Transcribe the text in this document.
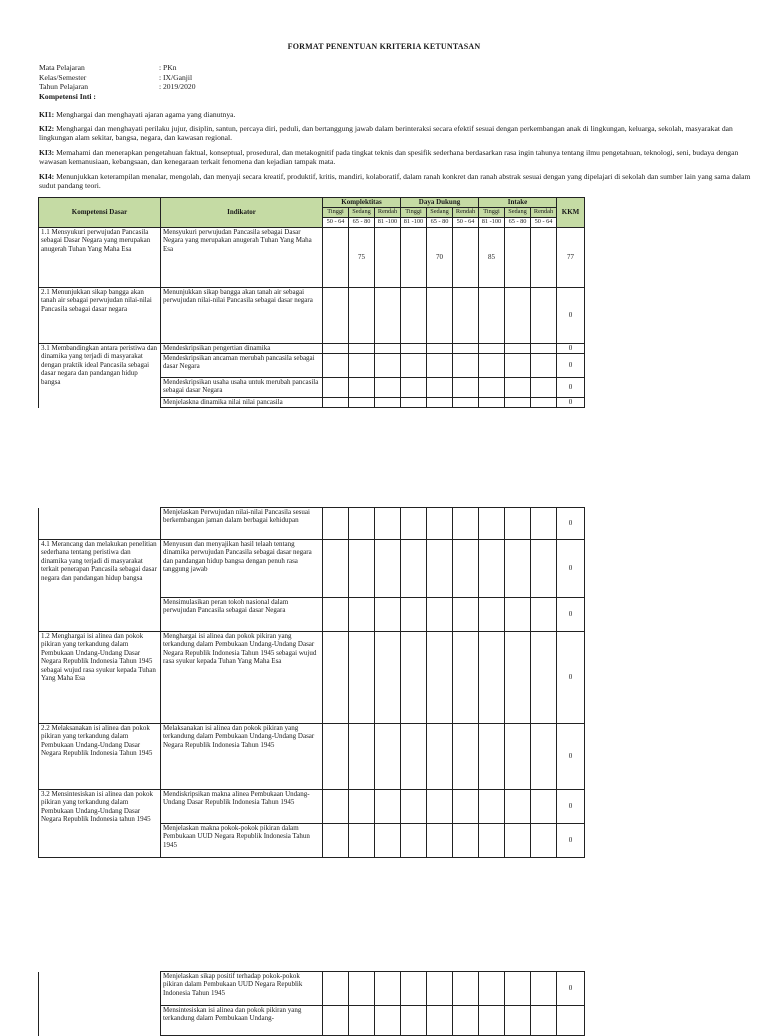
FORMAT PENENTUAN KRITERIA KETUNTASAN
Mata Pelajaran	: PKn
Kelas/Semester	: IX/Ganjil
Tahun Pelajaran	: 2019/2020
Kompetensi Inti :
KI1: Menghargai dan menghayati ajaran agama yang dianutnya.
KI2: Menghargai dan menghayati perilaku jujur, disiplin, santun, percaya diri, peduli, dan bertanggung jawab dalam berinteraksi secara efektif sesuai dengan perkembangan anak di lingkungan, keluarga, sekolah, masyarakat dan lingkungan alam sekitar, bangsa, negara, dan kawasan regional.
KI3: Memahami dan menerapkan pengetahuan faktual, konseptual, prosedural, dan metakognitif pada tingkat teknis dan spesifik sederhana berdasarkan rasa ingin tahunya tentang ilmu pengetahuan, teknologi, seni, budaya dengan wawasan kemanusiaan, kebangsaan, dan kenegaraan terkait fenomena dan kejadian tampak mata.
KI4: Menunjukkan keterampilan menalar, mengolah, dan menyaji secara kreatif, produktif, kritis, mandiri, kolaboratif, dalam ranah konkret dan ranah abstrak sesuai dengan yang dipelajari di sekolah dan sumber lain yang sama dalam sudut pandang teori.
Kompetensi Dasar	Indikator	Komplektitas			Daya Dukung			Intake			KKM
		Tinggi	Sedang	Rendah	Tinggi	Sedang	Rendah	Tinggi	Sedang	Rendah	
		50 - 64	65 - 80	81 -100	81 -100	65 - 80	50 - 64	81 -100	65 - 80	50 - 64	
1.1 Mensyukuri perwujudan Pancasila sebagai Dasar Negara yang merupakan anugerah Tuhan Yang Maha Esa	Mensyukuri perwujudan Pancasila sebagai Dasar Negara yang merupakan anugerah Tuhan Yang Maha Esa		75			70		85			77
2.1 Menunjukkan sikap bangga akan tanah air sebagai perwujudan nilai-nilai Pancasila sebagai dasar negara	Menunjukkan sikap bangga akan tanah air sebagai perwujudan nilai-nilai Pancasila sebagai dasar negara										0
3.1 Membandingkan antara peristiwa dan dinamika yang terjadi di masyarakat dengan praktik ideal Pancasila sebagai dasar negara dan pandangan hidup bangsa	Mendeskripsikan pengertian dinamika										0
	Mendeskripsikan ancaman merubah pancasila sebagai dasar Negara										0
	Mendeskripsikan usaha usaha untuk merubah pancasila sebagai dasar Negara										0
	Menjelaskna dinamika nilai nilai pancasila										0
	Menjelaskan Perwujudan nilai-nilai Pancasila sesuai berkembangan jaman dalam berbagai kehidupan										0
4.1 Merancang dan melakukan penelitian sederhana tentang peristiwa dan dinamika yang terjadi di masyarakat terkait penerapan Pancasila sebagai dasar negara dan pandangan hidup bangsa	Menyusun dan menyajikan hasil telaah tentang dinamika perwujudan Pancasila sebagai dasar negara dan pandangan hidup bangsa dengan penuh rasa tanggung jawab										0
	Mensimulasikan peran tokoh nasional dalam perwujudan Pancasila sebagai dasar Negara										0
1.2 Menghargai isi alinea dan pokok pikiran yang terkandung dalam Pembukaan Undang-Undang Dasar Negara Republik Indonesia Tahun 1945 sebagai wujud rasa syukur kepada Tuhan Yang Maha Esa	Menghargai isi alinea dan pokok pikiran yang terkandung dalam Pembukaan Undang-Undang Dasar Negara Republik Indonesia Tahun 1945 sebagai wujud rasa syukur kepada Tuhan Yang Maha Esa										0
2.2 Melaksanakan isi alinea dan pokok pikiran yang terkandung dalam Pembukaan Undang-Undang Dasar Negara Republik Indonesia Tahun 1945	Melaksanakan isi alinea dan pokok pikiran yang terkandung dalam Pembukaan Undang-Undang Dasar Negara Republik Indonesia Tahun 1945										0
3.2 Mensintesiskan isi alinea dan pokok pikiran yang terkandung dalam Pembukaan Undang-Undang Dasar Negara Republik Indonesia tahun 1945	Mendiskripsikan makna alinea Pembukaan Undang-Undang Dasar Republik Indonesia Tahun 1945										0
	Menjelaskan makna pokok-pokok pikiran dalam Pembukaan UUD Negara Republik Indonesia Tahun 1945										0
	Menjelaskan sikap positif terhadap pokok-pokok pikiran dalam Pembukaan UUD Negara Republik Indonesia Tahun 1945										0
	Mensintesiskan isi alinea dan pokok pikiran yang terkandung dalam Pembukaan Undang-										
